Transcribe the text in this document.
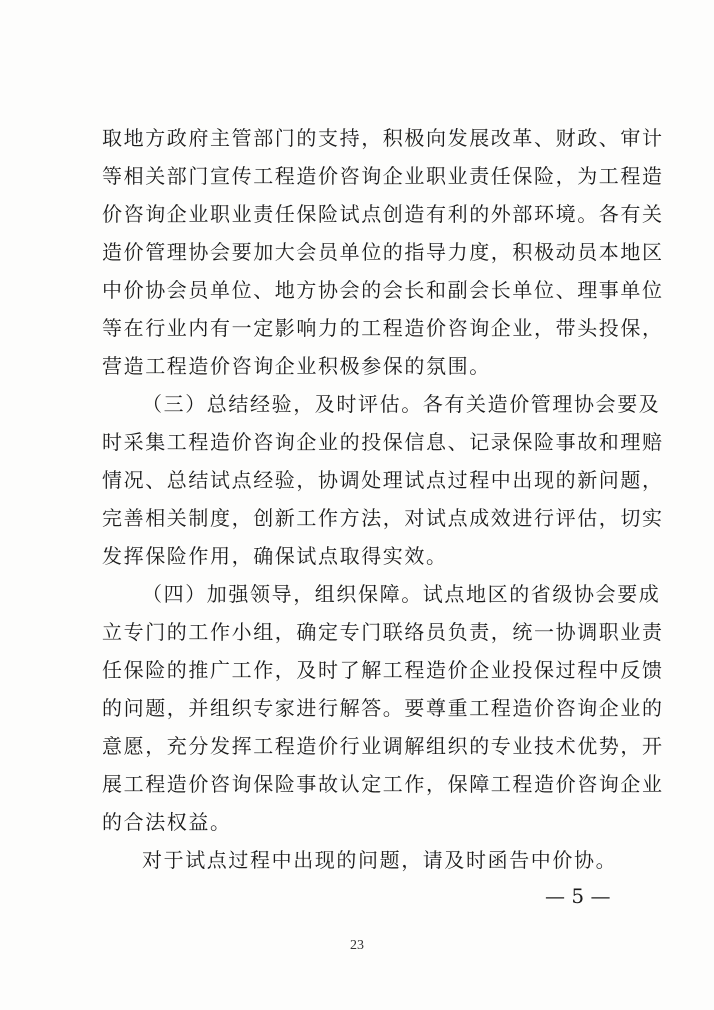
取地方政府主管部门的支持，积极向发展改革、财政、审计
等相关部门宣传工程造价咨询企业职业责任保险，为工程造
价咨询企业职业责任保险试点创造有利的外部环境。各有关
造价管理协会要加大会员单位的指导力度，积极动员本地区
中价协会员单位、地方协会的会长和副会长单位、理事单位
等在行业内有一定影响力的工程造价咨询企业，带头投保，
营造工程造价咨询企业积极参保的氛围。
（三）总结经验，及时评估。各有关造价管理协会要及
时采集工程造价咨询企业的投保信息、记录保险事故和理赔
情况、总结试点经验，协调处理试点过程中出现的新问题，
完善相关制度，创新工作方法，对试点成效进行评估，切实
发挥保险作用，确保试点取得实效。
（四）加强领导，组织保障。试点地区的省级协会要成
立专门的工作小组，确定专门联络员负责，统一协调职业责
任保险的推广工作，及时了解工程造价企业投保过程中反馈
的问题，并组织专家进行解答。要尊重工程造价咨询企业的
意愿，充分发挥工程造价行业调解组织的专业技术优势，开
展工程造价咨询保险事故认定工作，保障工程造价咨询企业
的合法权益。
对于试点过程中出现的问题，请及时函告中价协。
— 5 —
23
